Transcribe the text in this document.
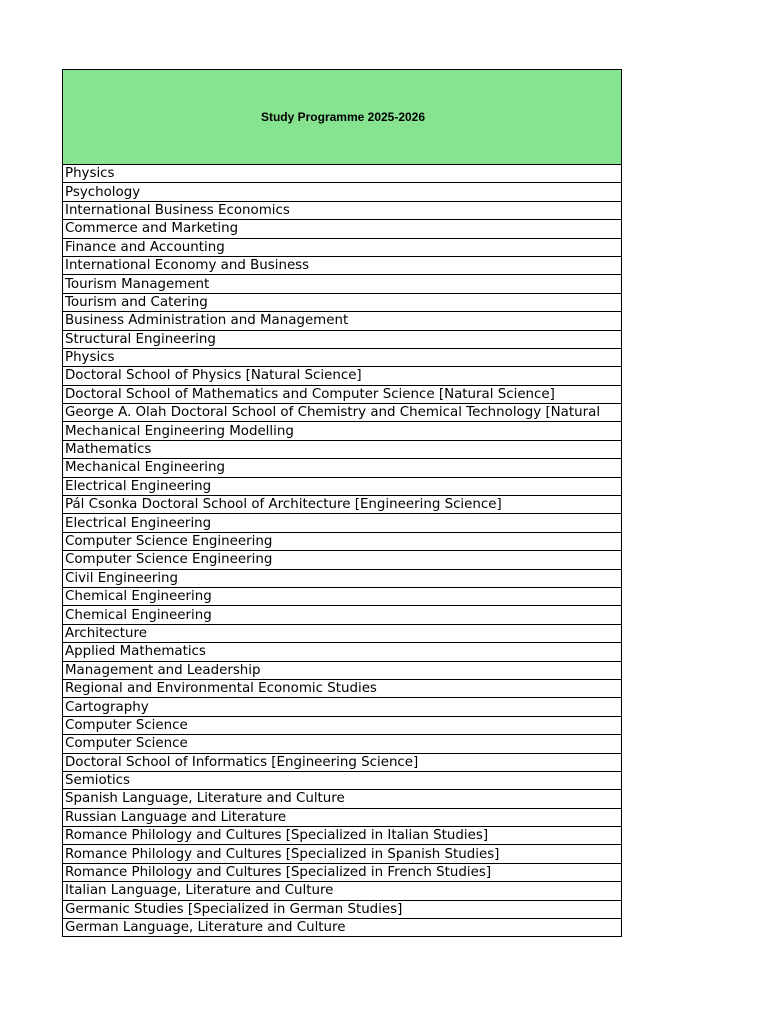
Study Programme 2025-2026
Physics
Psychology
International Business Economics
Commerce and Marketing
Finance and Accounting
International Economy and Business
Tourism Management
Tourism and Catering
Business Administration and Management
Structural Engineering
Physics
Doctoral School of Physics [Natural Science]
Doctoral School of Mathematics and Computer Science [Natural Science]
George A. Olah Doctoral School of Chemistry and Chemical Technology [Natural
Mechanical Engineering Modelling
Mathematics
Mechanical Engineering
Electrical Engineering
Pál Csonka Doctoral School of Architecture [Engineering Science]
Electrical Engineering
Computer Science Engineering
Computer Science Engineering
Civil Engineering
Chemical Engineering
Chemical Engineering
Architecture
Applied Mathematics
Management and Leadership
Regional and Environmental Economic Studies
Cartography
Computer Science
Computer Science
Doctoral School of Informatics [Engineering Science]
Semiotics
Spanish Language, Literature and Culture
Russian Language and Literature
Romance Philology and Cultures [Specialized in Italian Studies]
Romance Philology and Cultures [Specialized in Spanish Studies]
Romance Philology and Cultures [Specialized in French Studies]
Italian Language, Literature and Culture
Germanic Studies [Specialized in German Studies]
German Language, Literature and Culture
